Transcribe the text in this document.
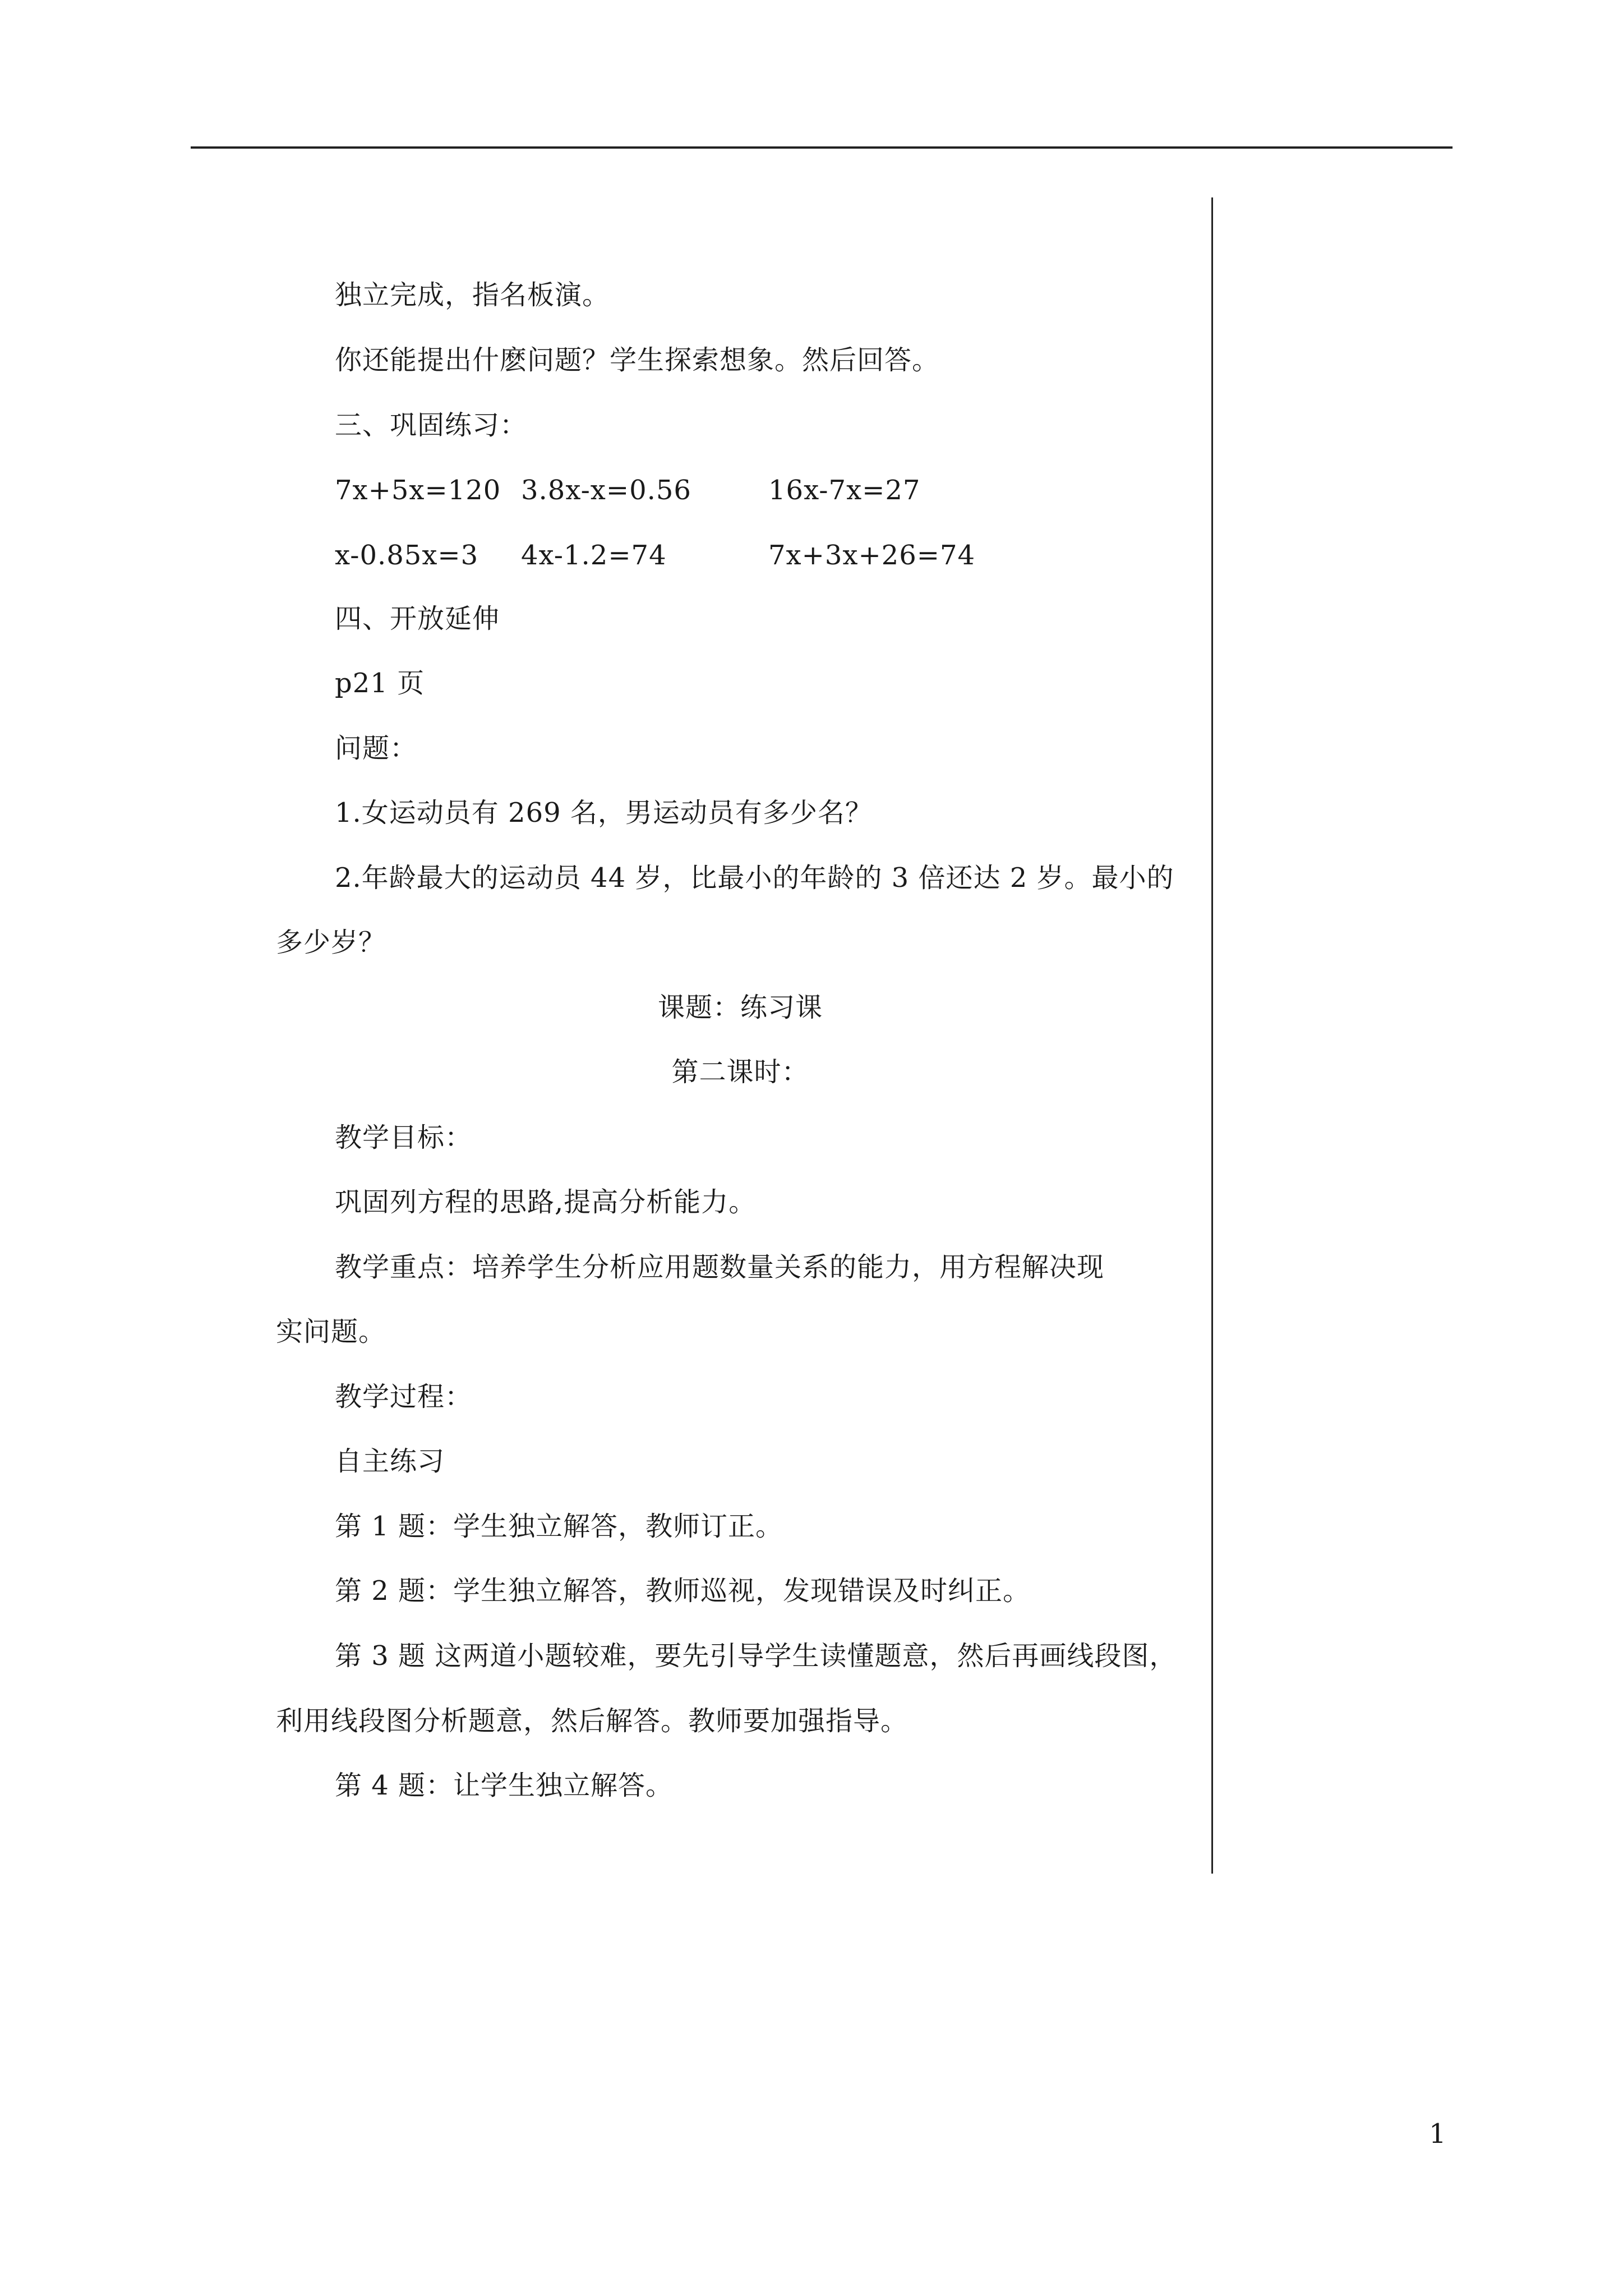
独立完成，指名板演。
你还能提出什麽问题？学生探索想象。然后回答。
三、巩固练习：
7x+5x=120 3.8x-x=0.56	16x-7x=27
x-0.85x=3 4x-1.2=74	7x+3x+26=74
四、开放延伸
p21 页
问题：
1.女运动员有 269 名，男运动员有多少名？
2.年龄最大的运动员 44 岁，比最小的年龄的 3 倍还达 2 岁。最小的
多少岁？
课题：练习课
第二课时：
教学目标：
巩固列方程的思路,提高分析能力。
教学重点：培养学生分析应用题数量关系的能力，用方程解决现
实问题。
教学过程：
自主练习
第 1 题：学生独立解答，教师订正。
第 2 题：学生独立解答，教师巡视，发现错误及时纠正。
第 3 题 这两道小题较难，要先引导学生读懂题意，然后再画线段图，
利用线段图分析题意，然后解答。教师要加强指导。
第 4 题：让学生独立解答。
1
